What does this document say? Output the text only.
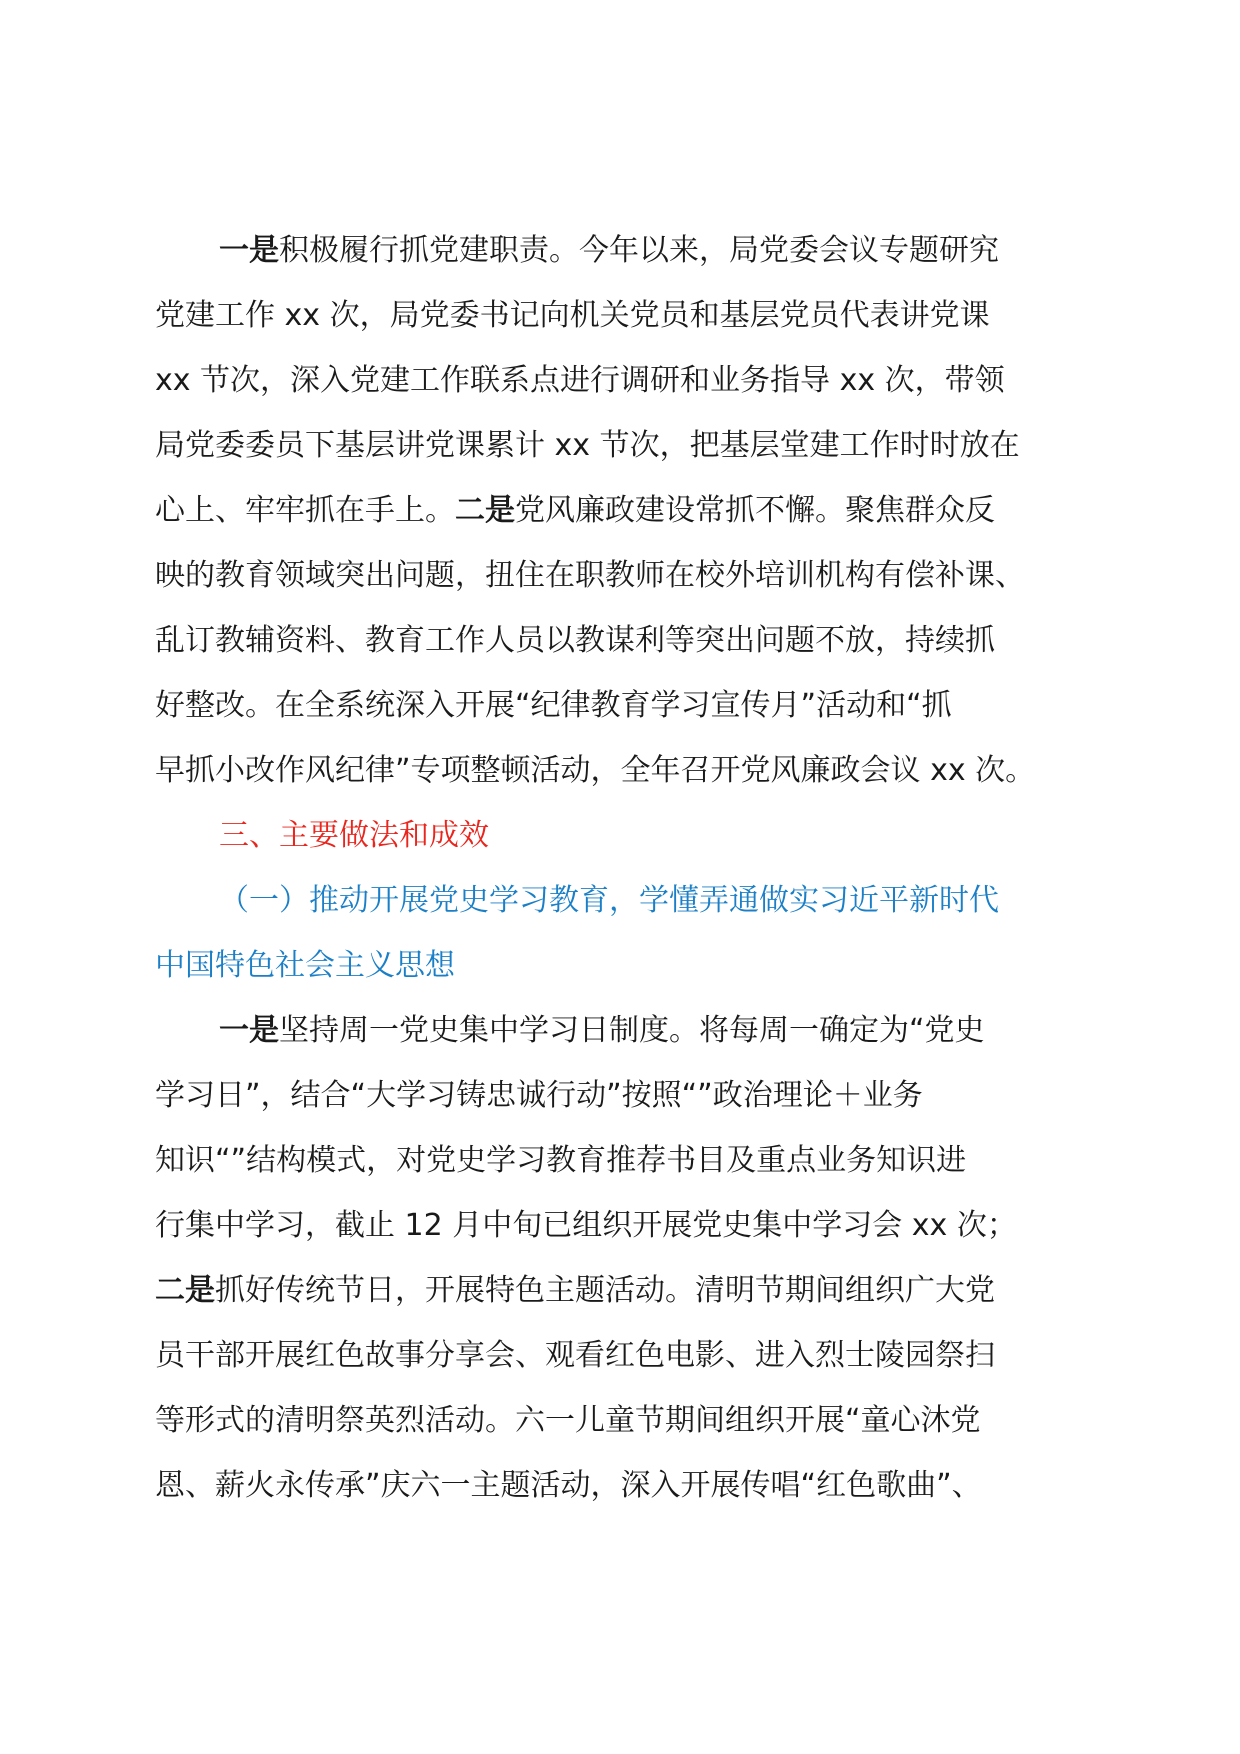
一是积极履行抓党建职责。今年以来，局党委会议专题研究
党建工作 xx 次，局党委书记向机关党员和基层党员代表讲党课
xx 节次，深入党建工作联系点进行调研和业务指导 xx 次，带领
局党委委员下基层讲党课累计 xx 节次，把基层堂建工作时时放在
心上、牢牢抓在手上。二是党风廉政建设常抓不懈。聚焦群众反
映的教育领域突出问题，扭住在职教师在校外培训机构有偿补课、
乱订教辅资料、教育工作人员以教谋利等突出问题不放，持续抓
好整改。在全系统深入开展“纪律教育学习宣传月”活动和“抓
早抓小改作风纪律”专项整顿活动，全年召开党风廉政会议 xx 次。

三、主要做法和成效

（一）推动开展党史学习教育，学懂弄通做实习近平新时代
中国特色社会主义思想

一是坚持周一党史集中学习日制度。将每周一确定为“党史
学习日”，结合“大学习铸忠诚行动”按照“”政治理论＋业务
知识“”结构模式，对党史学习教育推荐书目及重点业务知识进
行集中学习，截止 12 月中旬已组织开展党史集中学习会 xx 次；
二是抓好传统节日，开展特色主题活动。清明节期间组织广大党
员干部开展红色故事分享会、观看红色电影、进入烈士陵园祭扫
等形式的清明祭英烈活动。六一儿童节期间组织开展“童心沐党
恩、薪火永传承”庆六一主题活动，深入开展传唱“红色歌曲”、
